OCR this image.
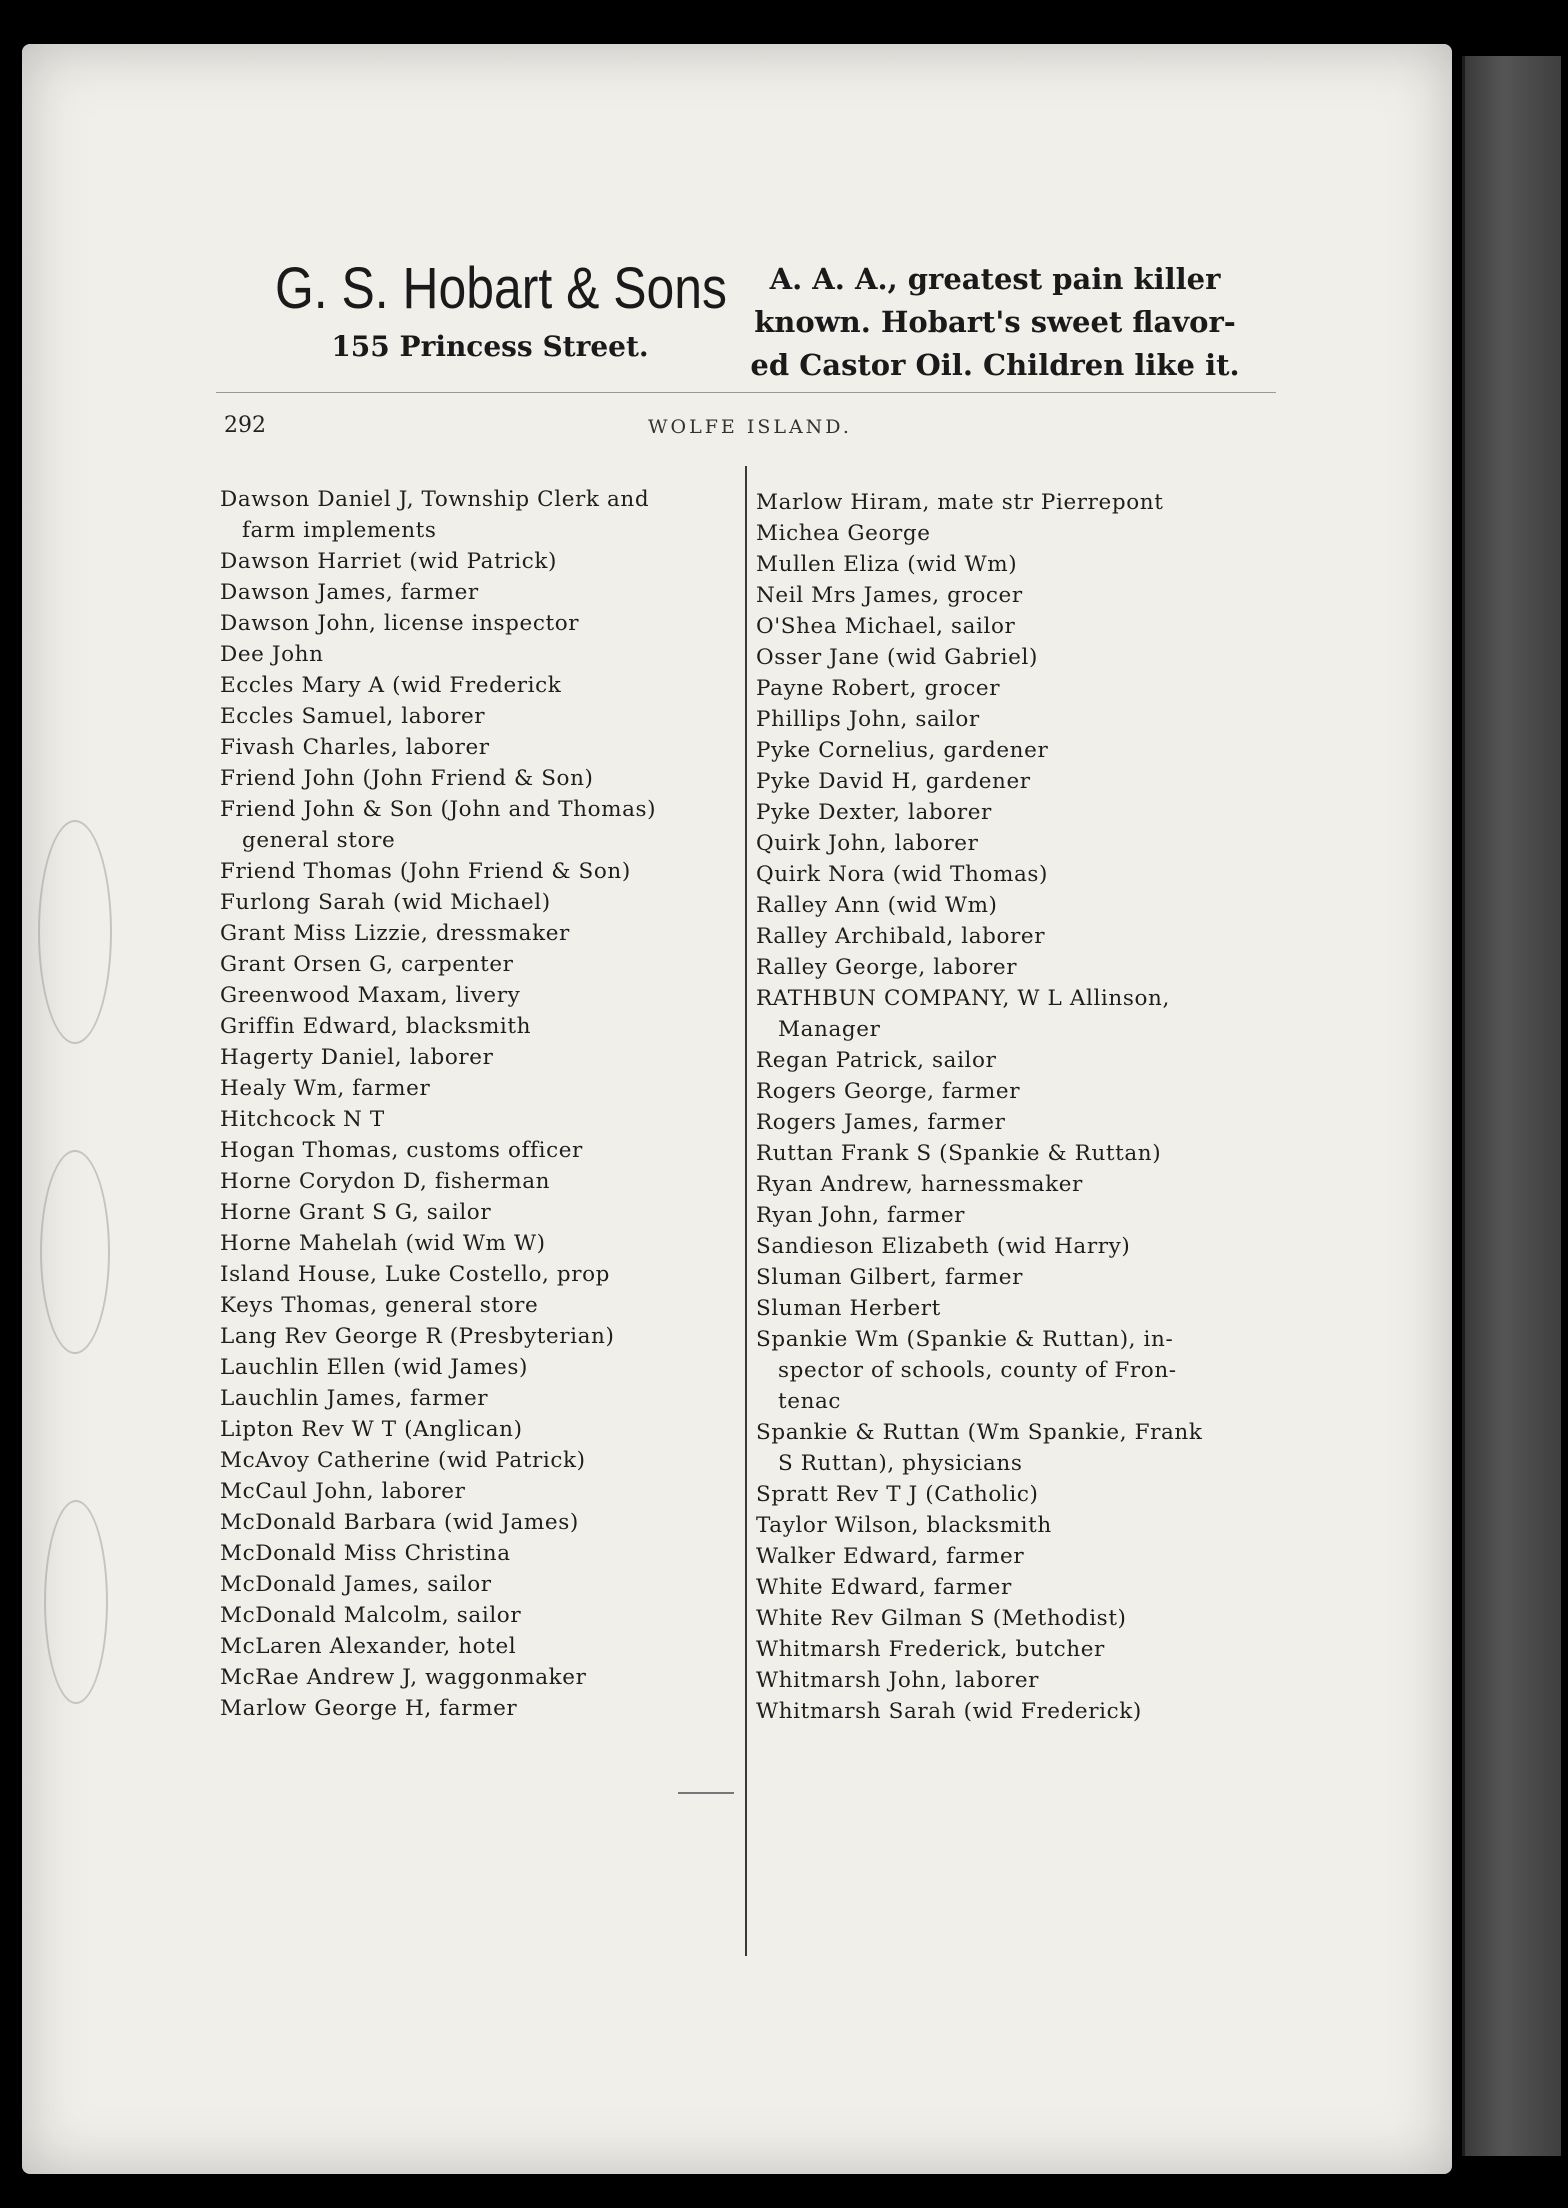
G. S. Hobart & Sons
155 Princess Street.
A. A. A., greatest pain killer
known. Hobart's sweet flavor-
ed Castor Oil. Children like it.
292	WOLFE ISLAND.
Dawson Daniel J, Township Clerk and
farm implements
Dawson Harriet (wid Patrick)
Dawson James, farmer
Dawson John, license inspector
Dee John
Eccles Mary A (wid Frederick
Eccles Samuel, laborer
Fivash Charles, laborer
Friend John (John Friend & Son)
Friend John & Son (John and Thomas)
general store
Friend Thomas (John Friend & Son)
Furlong Sarah (wid Michael)
Grant Miss Lizzie, dressmaker
Grant Orsen G, carpenter
Greenwood Maxam, livery
Griffin Edward, blacksmith
Hagerty Daniel, laborer
Healy Wm, farmer
Hitchcock N T
Hogan Thomas, customs officer
Horne Corydon D, fisherman
Horne Grant S G, sailor
Horne Mahelah (wid Wm W)
Island House, Luke Costello, prop
Keys Thomas, general store
Lang Rev George R (Presbyterian)
Lauchlin Ellen (wid James)
Lauchlin James, farmer
Lipton Rev W T (Anglican)
McAvoy Catherine (wid Patrick)
McCaul John, laborer
McDonald Barbara (wid James)
McDonald Miss Christina
McDonald James, sailor
McDonald Malcolm, sailor
McLaren Alexander, hotel
McRae Andrew J, waggonmaker
Marlow George H, farmer
Marlow Hiram, mate str Pierrepont
Michea George
Mullen Eliza (wid Wm)
Neil Mrs James, grocer
O'Shea Michael, sailor
Osser Jane (wid Gabriel)
Payne Robert, grocer
Phillips John, sailor
Pyke Cornelius, gardener
Pyke David H, gardener
Pyke Dexter, laborer
Quirk John, laborer
Quirk Nora (wid Thomas)
Ralley Ann (wid Wm)
Ralley Archibald, laborer
Ralley George, laborer
RATHBUN COMPANY, W L Allinson,
Manager
Regan Patrick, sailor
Rogers George, farmer
Rogers James, farmer
Ruttan Frank S (Spankie & Ruttan)
Ryan Andrew, harnessmaker
Ryan John, farmer
Sandieson Elizabeth (wid Harry)
Sluman Gilbert, farmer
Sluman Herbert
Spankie Wm (Spankie & Ruttan), in-
spector of schools, county of Fron-
tenac
Spankie & Ruttan (Wm Spankie, Frank
S Ruttan), physicians
Spratt Rev T J (Catholic)
Taylor Wilson, blacksmith
Walker Edward, farmer
White Edward, farmer
White Rev Gilman S (Methodist)
Whitmarsh Frederick, butcher
Whitmarsh John, laborer
Whitmarsh Sarah (wid Frederick)
